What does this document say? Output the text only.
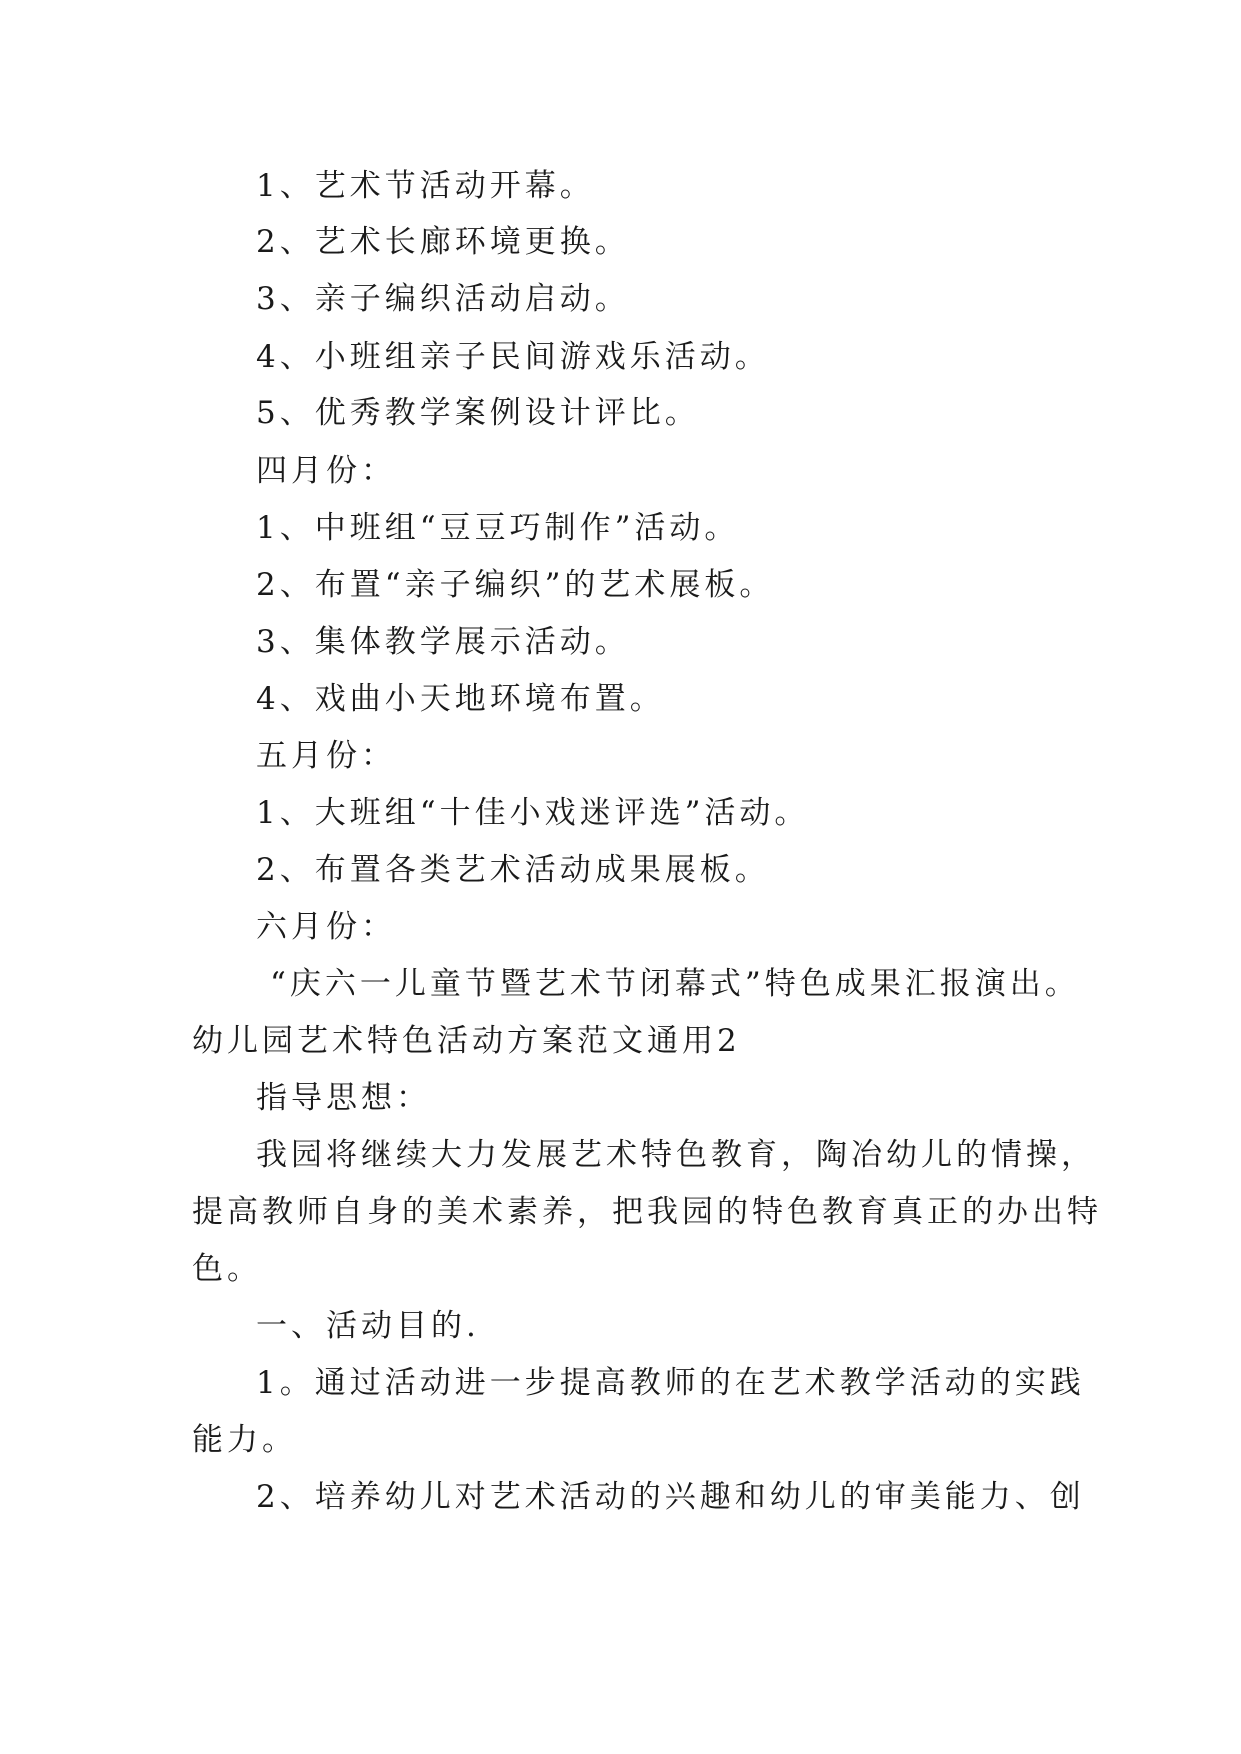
1、艺术节活动开幕。
2、艺术长廊环境更换。
3、亲子编织活动启动。
4、小班组亲子民间游戏乐活动。
5、优秀教学案例设计评比。
四月份：
1、中班组“豆豆巧制作”活动。
2、布置“亲子编织”的艺术展板。
3、集体教学展示活动。
4、戏曲小天地环境布置。
五月份：
1、大班组“十佳小戏迷评选”活动。
2、布置各类艺术活动成果展板。
六月份：
“庆六一儿童节暨艺术节闭幕式”特色成果汇报演出。
幼儿园艺术特色活动方案范文通用2
指导思想：
我园将继续大力发展艺术特色教育，陶冶幼儿的情操，
提高教师自身的美术素养，把我园的特色教育真正的办出特
色。
一、活动目的.
1。通过活动进一步提高教师的在艺术教学活动的实践
能力。
2、培养幼儿对艺术活动的兴趣和幼儿的审美能力、创
